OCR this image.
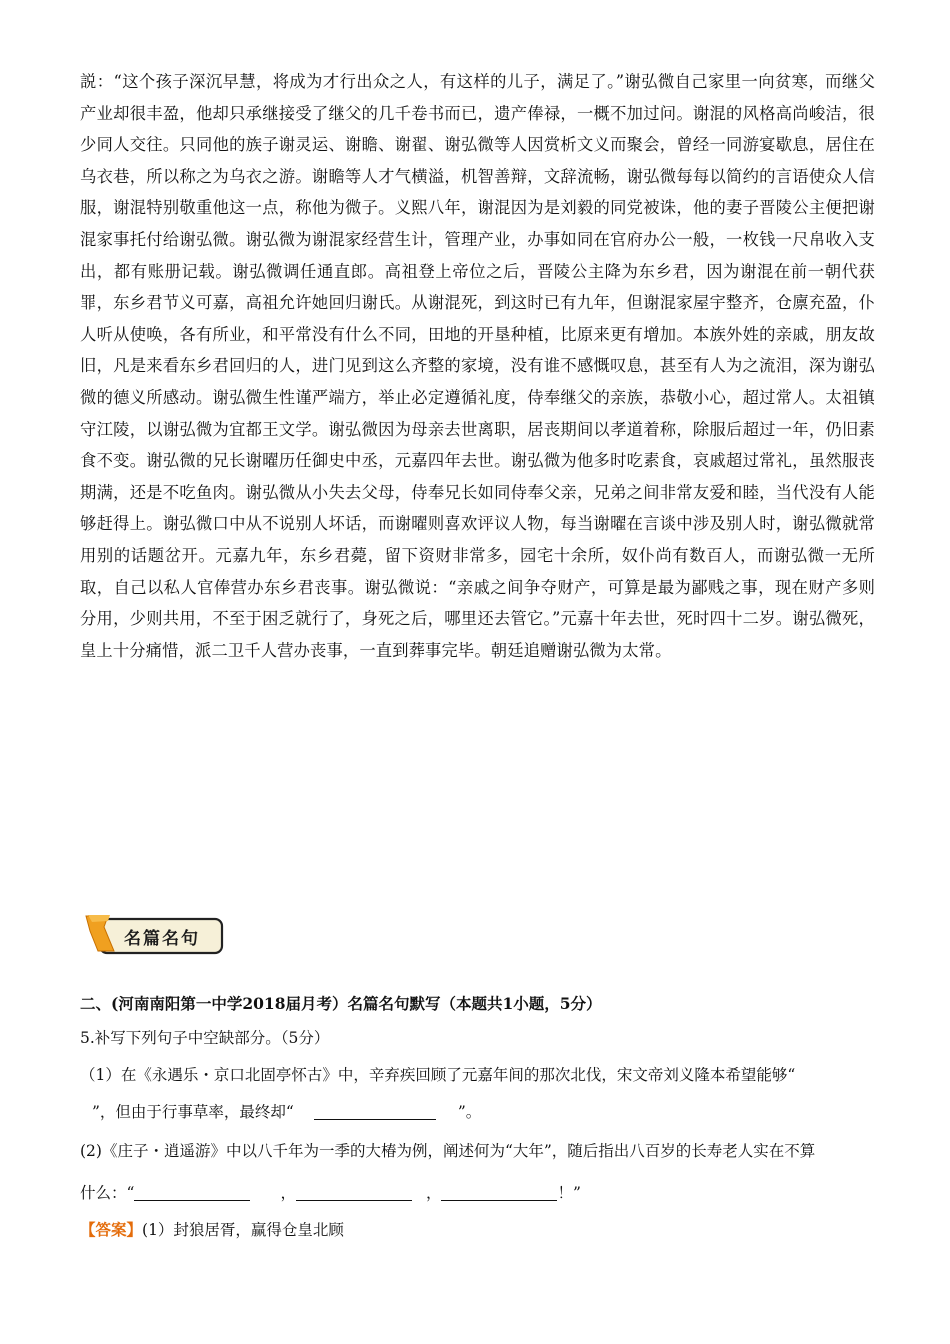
説：“这个孩子深沉早慧，将成为才行出众之人，有这样的儿子，满足了。”谢弘微自己家里一向贫寒，而继父产业却很丰盈，他却只承继接受了继父的几千卷书而已，遗产俸禄，一概不加过问。谢混的风格高尚峻洁，很少同人交往。只同他的族子谢灵运、谢瞻、谢翟、谢弘微等人因赏析文义而聚会，曾经一同游宴歇息，居住在乌衣巷，所以称之为乌衣之游。谢瞻等人才气横溢，机智善辩，文辞流畅，谢弘微每每以简约的言语使众人信服，谢混特别敬重他这一点，称他为微子。义熙八年，谢混因为是刘毅的同党被诛，他的妻子晋陵公主便把谢混家事托付给谢弘微。谢弘微为谢混家经营生计，管理产业，办事如同在官府办公一般，一枚钱一尺帛收入支出，都有账册记载。谢弘微调任通直郎。高祖登上帝位之后，晋陵公主降为东乡君，因为谢混在前一朝代获罪，东乡君节义可嘉，高祖允许她回归谢氏。从谢混死，到这时已有九年，但谢混家屋宇整齐，仓廪充盈，仆人听从使唤，各有所业，和平常没有什么不同，田地的开垦种植，比原来更有增加。本族外姓的亲戚，朋友故旧，凡是来看东乡君回归的人，进门见到这么齐整的家境，没有谁不感慨叹息，甚至有人为之流泪，深为谢弘微的德义所感动。谢弘微生性谨严端方，举止必定遵循礼度，侍奉继父的亲族，恭敬小心，超过常人。太祖镇守江陵，以谢弘微为宜都王文学。谢弘微因为母亲去世离职，居丧期间以孝道着称，除服后超过一年，仍旧素食不变。谢弘微的兄长谢曜历任御史中丞，元嘉四年去世。谢弘微为他多时吃素食，哀戚超过常礼，虽然服丧期满，还是不吃鱼肉。谢弘微从小失去父母，侍奉兄长如同侍奉父亲，兄弟之间非常友爱和睦，当代没有人能够赶得上。谢弘微口中从不说别人坏话，而谢曜则喜欢评议人物，每当谢曜在言谈中涉及别人时，谢弘微就常用别的话题岔开。元嘉九年，东乡君薨，留下资财非常多，园宅十余所，奴仆尚有数百人，而谢弘微一无所取，自己以私人官俸营办东乡君丧事。谢弘微说：“亲戚之间争夺财产，可算是最为鄙贱之事，现在财产多则分用，少则共用，不至于困乏就行了，身死之后，哪里还去管它。”元嘉十年去世，死时四十二岁。谢弘微死，皇上十分痛惜，派二卫千人营办丧事，一直到葬事完毕。朝廷追赠谢弘微为太常。

名篇名句
二、(河南南阳第一中学2018届月考）名篇名句默写（本题共1小题，5分）
5.补写下列句子中空缺部分。（5分）
（1）在《永遇乐・京口北固亭怀古》中，辛弃疾回顾了元嘉年间的那次北伐，宋文帝刘义隆本希望能够“
”，但由于行事草率，最终却“	”。
(2)《庄子・逍遥游》中以八千年为一季的大椿为例，阐述何为“大年”，随后指出八百岁的长寿老人实在不算
什么：“	，	，	！”
【答案】(1）封狼居胥，赢得仓皇北顾
